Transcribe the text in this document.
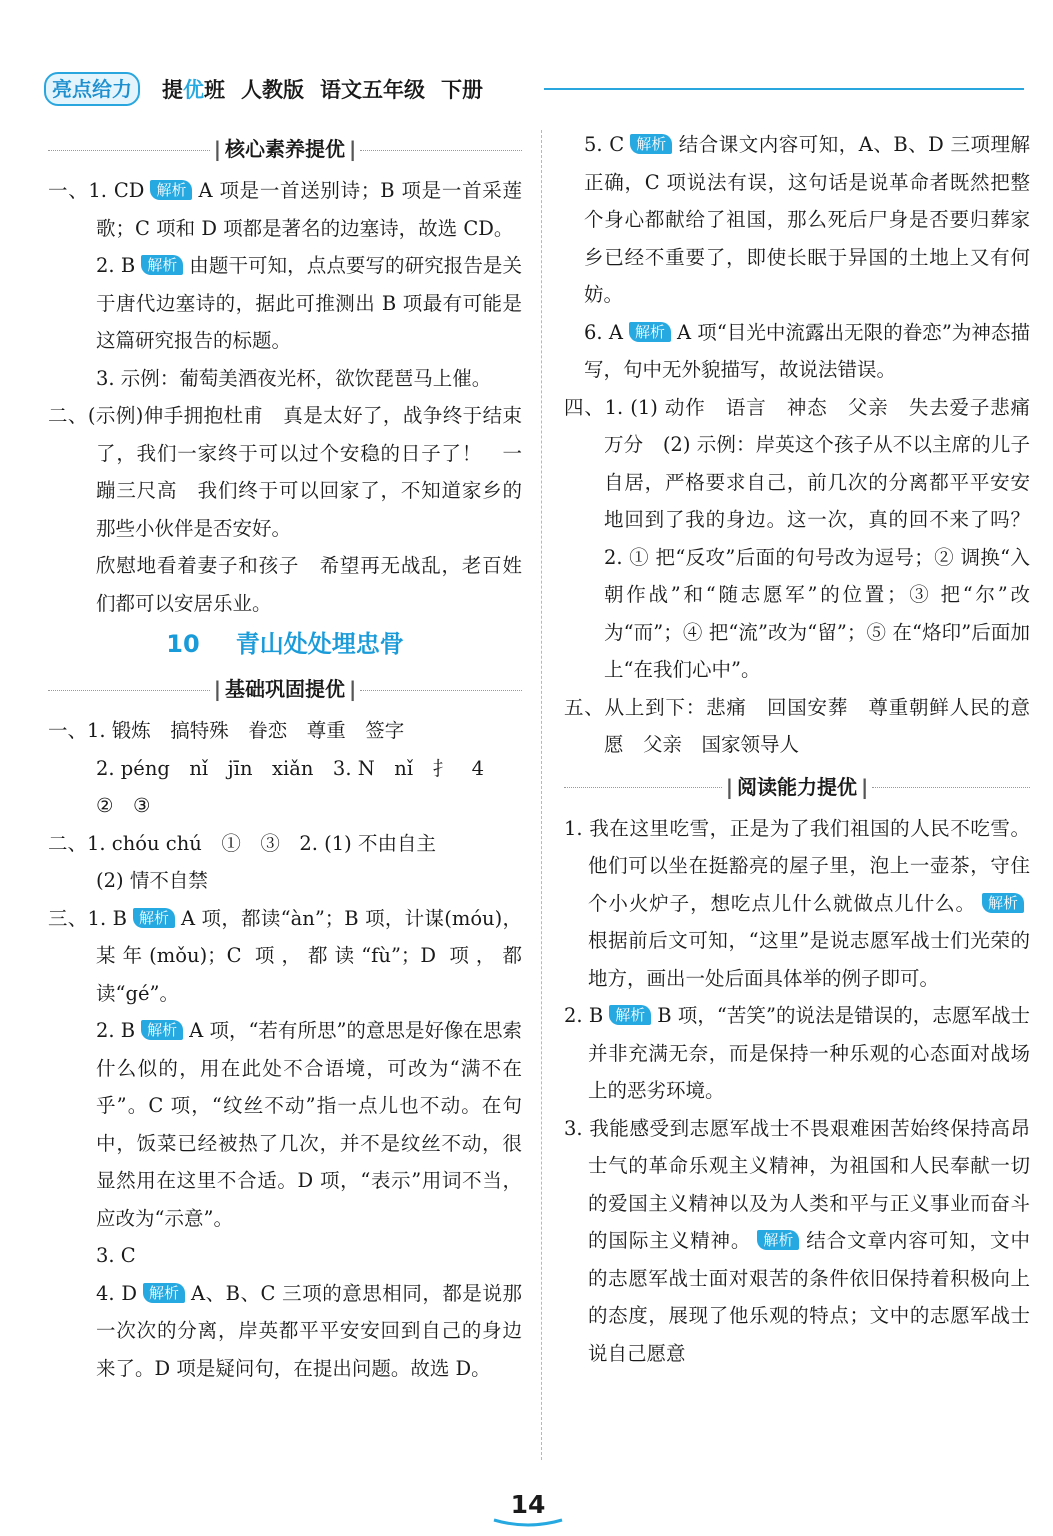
亮点给力	提优班 人教版 语文五年级 下册
| 核心素养提优 |

一、1. CD 解析 A 项是一首送别诗；B 项是一首采莲歌；C 项和 D 项都是著名的边塞诗，故选 CD。

2. B 解析 由题干可知，点点要写的研究报告是关于唐代边塞诗的，据此可推测出 B 项最有可能是这篇研究报告的标题。

3. 示例：葡萄美酒夜光杯，欲饮琵琶马上催。

二、(示例)伸手拥抱杜甫　真是太好了，战争终于结束了，我们一家终于可以过个安稳的日子了！　一蹦三尺高　我们终于可以回家了，不知道家乡的那些小伙伴是否安好。

欣慰地看着妻子和孩子　希望再无战乱，老百姓们都可以安居乐业。

10 青山处处埋忠骨
| 基础巩固提优 |

一、1. 锻炼　搞特殊　眷恋　尊重　签字

2. péng　nǐ　jīn　xiǎn　3. N　nǐ　扌　4

②　③

二、1. chóu chú　①　③　2. (1) 不由自主

(2) 情不自禁

三、1. B 解析 A 项，都读“àn”；B 项，计谋(móu)，某年(mǒu)；C 项，都读“fù”；D 项，都读“gé”。

2. B 解析 A 项，“若有所思”的意思是好像在思索什么似的，用在此处不合语境，可改为“满不在乎”。C 项，“纹丝不动”指一点儿也不动。在句中，饭菜已经被热了几次，并不是纹丝不动，很显然用在这里不合适。D 项，“表示”用词不当，应改为“示意”。

3. C

4. D 解析 A、B、C 三项的意思相同，都是说那一次次的分离，岸英都平平安安回到自己的身边来了。D 项是疑问句，在提出问题。故选 D。

5. C 解析 结合课文内容可知，A、B、D 三项理解正确，C 项说法有误，这句话是说革命者既然把整个身心都献给了祖国，那么死后尸身是否要归葬家乡已经不重要了，即使长眠于异国的土地上又有何妨。

6. A 解析 A 项“目光中流露出无限的眷恋”为神态描写，句中无外貌描写，故说法错误。

四、1. (1) 动作　语言　神态　父亲　失去爱子悲痛万分　(2) 示例：岸英这个孩子从不以主席的儿子自居，严格要求自己，前几次的分离都平平安安地回到了我的身边。这一次，真的回不来了吗？　2. ① 把“反攻”后面的句号改为逗号；② 调换“入朝作战”和“随志愿军”的位置；③ 把“尔”改为“而”；④ 把“流”改为“留”；⑤ 在“烙印”后面加上“在我们心中”。

五、从上到下：悲痛　回国安葬　尊重朝鲜人民的意愿　父亲　国家领导人

| 阅读能力提优 |

1. 我在这里吃雪，正是为了我们祖国的人民不吃雪。他们可以坐在挺豁亮的屋子里，泡上一壶茶，守住个小火炉子，想吃点儿什么就做点儿什么。 解析根据前后文可知，“这里”是说志愿军战士们光荣的地方，画出一处后面具体举的例子即可。

2. B 解析 B 项，“苦笑”的说法是错误的，志愿军战士并非充满无奈，而是保持一种乐观的心态面对战场上的恶劣环境。

3. 我能感受到志愿军战士不畏艰难困苦始终保持高昂士气的革命乐观主义精神，为祖国和人民奉献一切的爱国主义精神以及为人类和平与正义事业而奋斗的国际主义精神。 解析 结合文章内容可知，文中的志愿军战士面对艰苦的条件依旧保持着积极向上的态度，展现了他乐观的特点；文中的志愿军战士说自己愿意

14
